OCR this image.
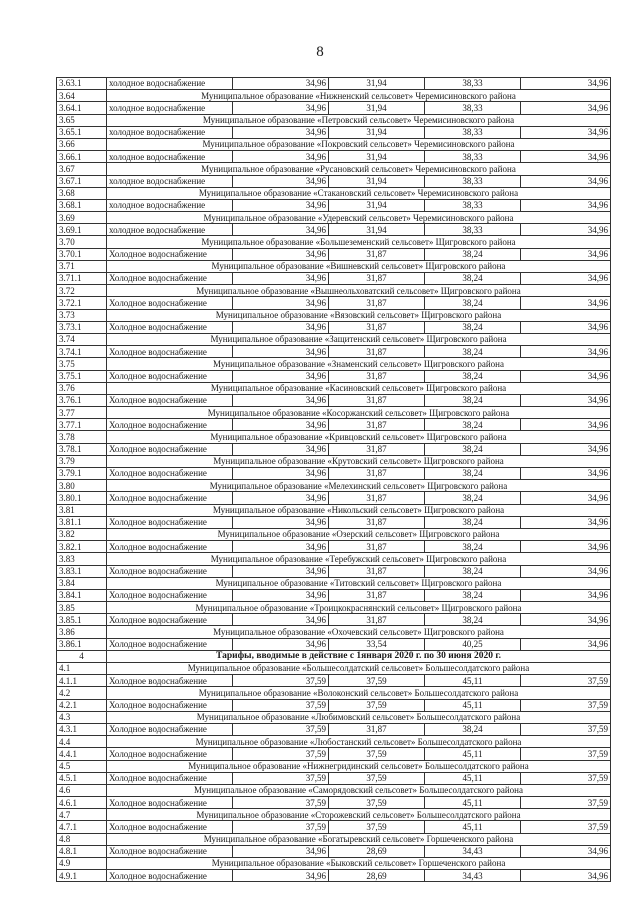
8
3.63.1	холодное водоснабжение	34,96	31,94	38,33	34,96
3.64	Муниципальное образование «Нижненский сельсовет» Черемисиновского района				
3.64.1	холодное водоснабжение	34,96	31,94	38,33	34,96
3.65	Муниципальное образование «Петровский сельсовет» Черемисиновского района				
3.65.1	холодное водоснабжение	34,96	31,94	38,33	34,96
3.66	Муниципальное образование «Покровский сельсовет» Черемисиновского района				
3.66.1	холодное водоснабжение	34,96	31,94	38,33	34,96
3.67	Муниципальное образование «Русановский сельсовет» Черемисиновского района				
3.67.1	холодное водоснабжение	34,96	31,94	38,33	34,96
3.68	Муниципальное образование «Стакановский сельсовет» Черемисиновского района				
3.68.1	холодное водоснабжение	34,96	31,94	38,33	34,96
3.69	Муниципальное образование «Удеревский сельсовет» Черемисиновского района				
3.69.1	холодное водоснабжение	34,96	31,94	38,33	34,96
3.70	Муниципальное образование «Большеземенский сельсовет» Щигровского района				
3.70.1	Холодное водоснабжение	34,96	31,87	38,24	34,96
3.71	Муниципальное образование «Вишневский сельсовет» Щигровского района				
3.71.1	Холодное водоснабжение	34,96	31,87	38,24	34,96
3.72	Муниципальное образование «Вышнеольховатский сельсовет» Щигровского района				
3.72.1	Холодное водоснабжение	34,96	31,87	38,24	34,96
3.73	Муниципальное образование «Вязовский сельсовет» Щигровского района				
3.73.1	Холодное водоснабжение	34,96	31,87	38,24	34,96
3.74	Муниципальное образование «Защитенский сельсовет» Щигровского района				
3.74.1	Холодное водоснабжение	34,96	31,87	38,24	34,96
3.75	Муниципальное образование «Знаменский сельсовет» Щигровского района				
3.75.1	Холодное водоснабжение	34,96	31,87	38,24	34,96
3.76	Муниципальное образование «Касиновский сельсовет» Щигровского района				
3.76.1	Холодное водоснабжение	34,96	31,87	38,24	34,96
3.77	Муниципальное образование «Косоржанский сельсовет» Щигровского района				
3.77.1	Холодное водоснабжение	34,96	31,87	38,24	34,96
3.78	Муниципальное образование «Кривцовский сельсовет» Щигровского района				
3.78.1	Холодное водоснабжение	34,96	31,87	38,24	34,96
3.79	Муниципальное образование «Крутовский сельсовет» Щигровского района				
3.79.1	Холодное водоснабжение	34,96	31,87	38,24	34,96
3.80	Муниципальное образование «Мелехинский сельсовет» Щигровского района				
3.80.1	Холодное водоснабжение	34,96	31,87	38,24	34,96
3.81	Муниципальное образование «Никольский сельсовет» Щигровского района				
3.81.1	Холодное водоснабжение	34,96	31,87	38,24	34,96
3.82	Муниципальное образование «Озерский сельсовет» Щигровского района				
3.82.1	Холодное водоснабжение	34,96	31,87	38,24	34,96
3.83	Муниципальное образование «Теребужский сельсовет» Щигровского района				
3.83.1	Холодное водоснабжение	34,96	31,87	38,24	34,96
3.84	Муниципальное образование «Титовский сельсовет» Щигровского района				
3.84.1	Холодное водоснабжение	34,96	31,87	38,24	34,96
3.85	Муниципальное образование «Троицкокраснянский сельсовет» Щигровского района				
3.85.1	Холодное водоснабжение	34,96	31,87	38,24	34,96
3.86	Муниципальное образование «Охочевский сельсовет» Щигровского района				
3.86.1	Холодное водоснабжение	34,96	33,54	40,25	34,96
4	Тарифы, вводимые в действие с 1января 2020 г. по 30 июня 2020 г.				
4.1	Муниципальное образование «Большесолдатский сельсовет» Большесолдатского района				
4.1.1	Холодное водоснабжение	37,59	37,59	45,11	37,59
4.2	Муниципальное образование «Волоконский сельсовет» Большесолдатского района				
4.2.1	Холодное водоснабжение	37,59	37,59	45,11	37,59
4.3	Муниципальное образование «Любимовский сельсовет» Большесолдатского района				
4.3.1	Холодное водоснабжение	37,59	31,87	38,24	37,59
4.4	Муниципальное образование «Любостанский сельсовет» Большесолдатского района				
4.4.1	Холодное водоснабжение	37,59	37,59	45,11	37,59
4.5	Муниципальное образование «Нижнегридинский сельсовет» Большесолдатского района				
4.5.1	Холодное водоснабжение	37,59	37,59	45,11	37,59
4.6	Муниципальное образование «Саморядовский сельсовет» Большесолдатского района				
4.6.1	Холодное водоснабжение	37,59	37,59	45,11	37,59
4.7	Муниципальное образование «Сторожевский сельсовет» Большесолдатского района				
4.7.1	Холодное водоснабжение	37,59	37,59	45,11	37,59
4.8	Муниципальное образование «Богатыревский сельсовет» Горшеченского района				
4.8.1	Холодное водоснабжение	34,96	28,69	34,43	34,96
4.9	Муниципальное образование «Быковский сельсовет» Горшеченского района				
4.9.1	Холодное водоснабжение	34,96	28,69	34,43	34,96
